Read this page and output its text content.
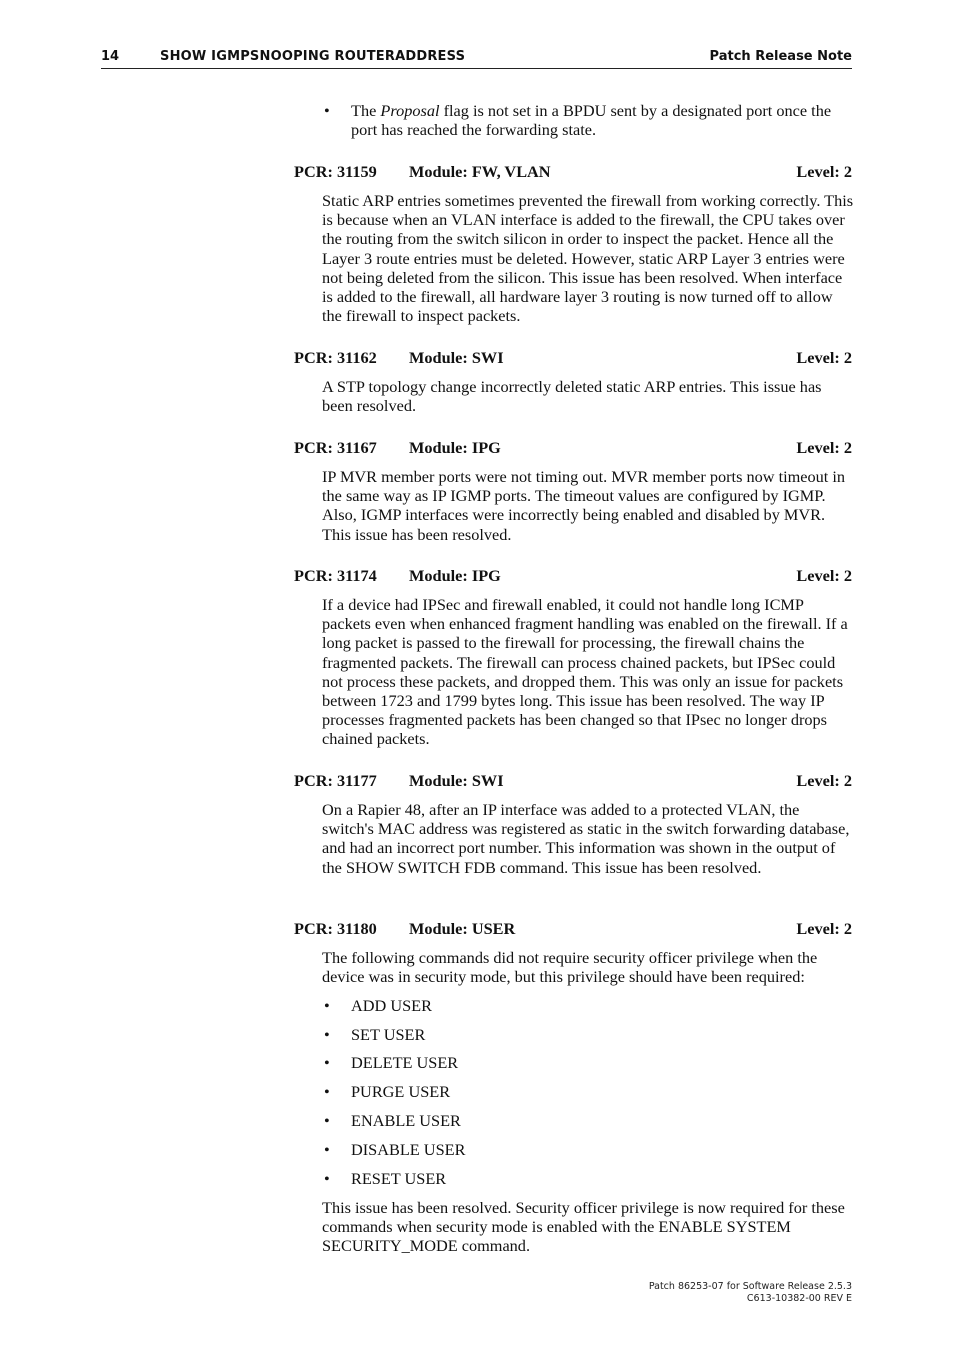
14	SHOW IGMPSNOOPING ROUTERADDRESS	Patch Release Note
• The Proposal flag is not set in a BPDU sent by a designated port once the port has reached the forwarding state.
PCR: 31159 Module: FW, VLAN	Level: 2
Static ARP entries sometimes prevented the firewall from working correctly. This is because when an VLAN interface is added to the firewall, the CPU takes over the routing from the switch silicon in order to inspect the packet. Hence all the Layer 3 route entries must be deleted. However, static ARP Layer 3 entries were not being deleted from the silicon. This issue has been resolved. When interface is added to the firewall, all hardware layer 3 routing is now turned off to allow the firewall to inspect packets.
PCR: 31162 Module: SWI	Level: 2
A STP topology change incorrectly deleted static ARP entries. This issue has been resolved.
PCR: 31167 Module: IPG	Level: 2
IP MVR member ports were not timing out. MVR member ports now timeout in the same way as IP IGMP ports. The timeout values are configured by IGMP. Also, IGMP interfaces were incorrectly being enabled and disabled by MVR. This issue has been resolved.
PCR: 31174 Module: IPG	Level: 2
If a device had IPSec and firewall enabled, it could not handle long ICMP packets even when enhanced fragment handling was enabled on the firewall. If a long packet is passed to the firewall for processing, the firewall chains the fragmented packets. The firewall can process chained packets, but IPSec could not process these packets, and dropped them. This was only an issue for packets between 1723 and 1799 bytes long. This issue has been resolved. The way IP processes fragmented packets has been changed so that IPsec no longer drops chained packets.
PCR: 31177 Module: SWI	Level: 2
On a Rapier 48, after an IP interface was added to a protected VLAN, the switch's MAC address was registered as static in the switch forwarding database, and had an incorrect port number. This information was shown in the output of the SHOW SWITCH FDB command. This issue has been resolved.
PCR: 31180 Module: USER	Level: 2
The following commands did not require security officer privilege when the device was in security mode, but this privilege should have been required:
• ADD USER
• SET USER
• DELETE USER
• PURGE USER
• ENABLE USER
• DISABLE USER
• RESET USER
This issue has been resolved. Security officer privilege is now required for these commands when security mode is enabled with the ENABLE SYSTEM SECURITY_MODE command.
Patch 86253-07 for Software Release 2.5.3
C613-10382-00 REV E
